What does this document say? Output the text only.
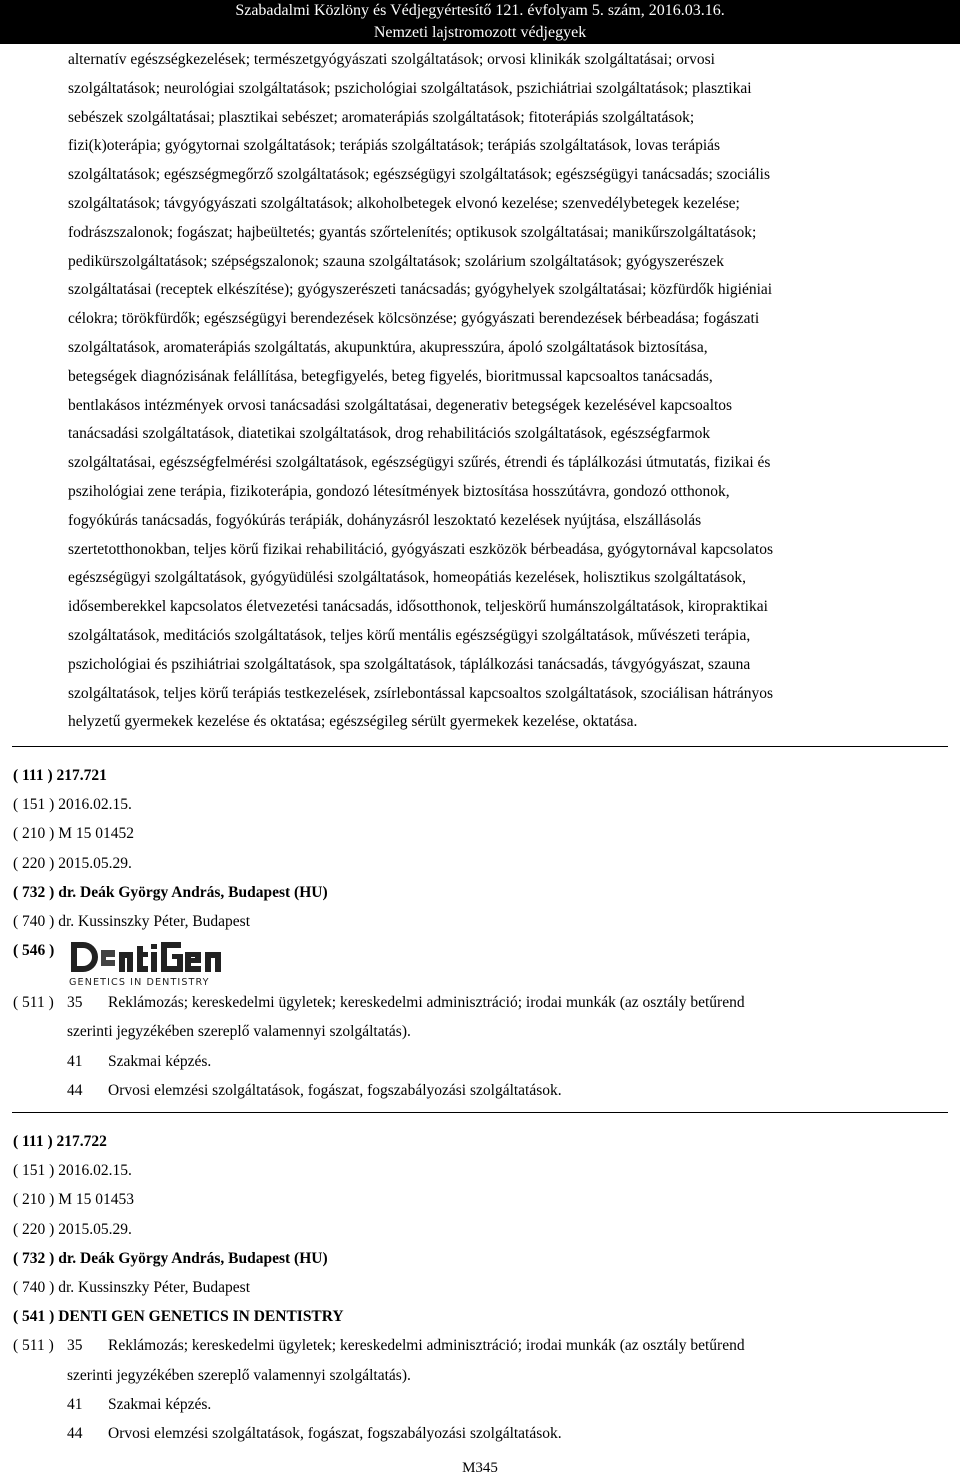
Szabadalmi Közlöny és Védjegyértesítő 121. évfolyam 5. szám, 2016.03.16.
Nemzeti lajstromozott védjegyek
alternatív egészségkezelések; természetgyógyászati szolgáltatások; orvosi klinikák szolgáltatásai; orvosi
szolgáltatások; neurológiai szolgáltatások; pszichológiai szolgáltatások, pszichiátriai szolgáltatások; plasztikai
sebészek szolgáltatásai; plasztikai sebészet; aromaterápiás szolgáltatások; fitoterápiás szolgáltatások;
fizi(k)oterápia; gyógytornai szolgáltatások; terápiás szolgáltatások; terápiás szolgáltatások, lovas terápiás
szolgáltatások; egészségmegőrző szolgáltatások; egészségügyi szolgáltatások; egészségügyi tanácsadás; szociális
szolgáltatások; távgyógyászati szolgáltatások; alkoholbetegek elvonó kezelése; szenvedélybetegek kezelése;
fodrászszalonok; fogászat; hajbeültetés; gyantás szőrtelenítés; optikusok szolgáltatásai; manikűrszolgáltatások;
pedikürszolgáltatások; szépségszalonok; szauna szolgáltatások; szolárium szolgáltatások; gyógyszerészek
szolgáltatásai (receptek elkészítése); gyógyszerészeti tanácsadás; gyógyhelyek szolgáltatásai; közfürdők higiéniai
célokra; törökfürdők; egészségügyi berendezések kölcsönzése; gyógyászati berendezések bérbeadása; fogászati
szolgáltatások, aromaterápiás szolgáltatás, akupunktúra, akupresszúra, ápoló szolgáltatások biztosítása,
betegségek diagnózisának felállítása, betegfigyelés, beteg figyelés, bioritmussal kapcsoaltos tanácsadás,
bentlakásos intézmények orvosi tanácsadási szolgáltatásai, degenerativ betegségek kezelésével kapcsoaltos
tanácsadási szolgáltatások, diatetikai szolgáltatások, drog rehabilitációs szolgáltatások, egészségfarmok
szolgáltatásai, egészségfelmérési szolgáltatások, egészségügyi szűrés, étrendi és táplálkozási útmutatás, fizikai és
pszihológiai zene terápia, fizikoterápia, gondozó létesítmények biztosítása hosszútávra, gondozó otthonok,
fogyókúrás tanácsadás, fogyókúrás terápiák, dohányzásról leszoktató kezelések nyújtása, elszállásolás
szertetotthonokban, teljes körű fizikai rehabilitáció, gyógyászati eszközök bérbeadása, gyógytornával kapcsolatos
egészségügyi szolgáltatások, gyógyüdülési szolgáltatások, homeopátiás kezelések, holisztikus szolgáltatások,
idősemberekkel kapcsolatos életvezetési tanácsadás, idősotthonok, teljeskörű humánszolgáltatások, kiropraktikai
szolgáltatások, meditációs szolgáltatások, teljes körű mentális egészségügyi szolgáltatások, művészeti terápia,
pszichológiai és pszihiátriai szolgáltatások, spa szolgáltatások, táplálkozási tanácsadás, távgyógyászat, szauna
szolgáltatások, teljes körű terápiás testkezelések, zsírlebontással kapcsoaltos szolgáltatások, szociálisan hátrányos
helyzetű gyermekek kezelése és oktatása; egészségileg sérült gyermekek kezelése, oktatása.
( 111 ) 217.721
( 151 ) 2016.02.15.
( 210 ) M 15 01452
( 220 ) 2015.05.29.
( 732 ) dr. Deák György András, Budapest (HU)
( 740 ) dr. Kussinszky Péter, Budapest
( 546 )
GENETICS IN DENTISTRY
( 511 ) 35 Reklámozás; kereskedelmi ügyletek; kereskedelmi adminisztráció; irodai munkák (az osztály betűrend
szerinti jegyzékében szereplő valamennyi szolgáltatás).
41 Szakmai képzés.
44 Orvosi elemzési szolgáltatások, fogászat, fogszabályozási szolgáltatások.
( 111 ) 217.722
( 151 ) 2016.02.15.
( 210 ) M 15 01453
( 220 ) 2015.05.29.
( 732 ) dr. Deák György András, Budapest (HU)
( 740 ) dr. Kussinszky Péter, Budapest
( 541 ) DENTI GEN GENETICS IN DENTISTRY
( 511 ) 35 Reklámozás; kereskedelmi ügyletek; kereskedelmi adminisztráció; irodai munkák (az osztály betűrend
szerinti jegyzékében szereplő valamennyi szolgáltatás).
41 Szakmai képzés.
44 Orvosi elemzési szolgáltatások, fogászat, fogszabályozási szolgáltatások.
M345
